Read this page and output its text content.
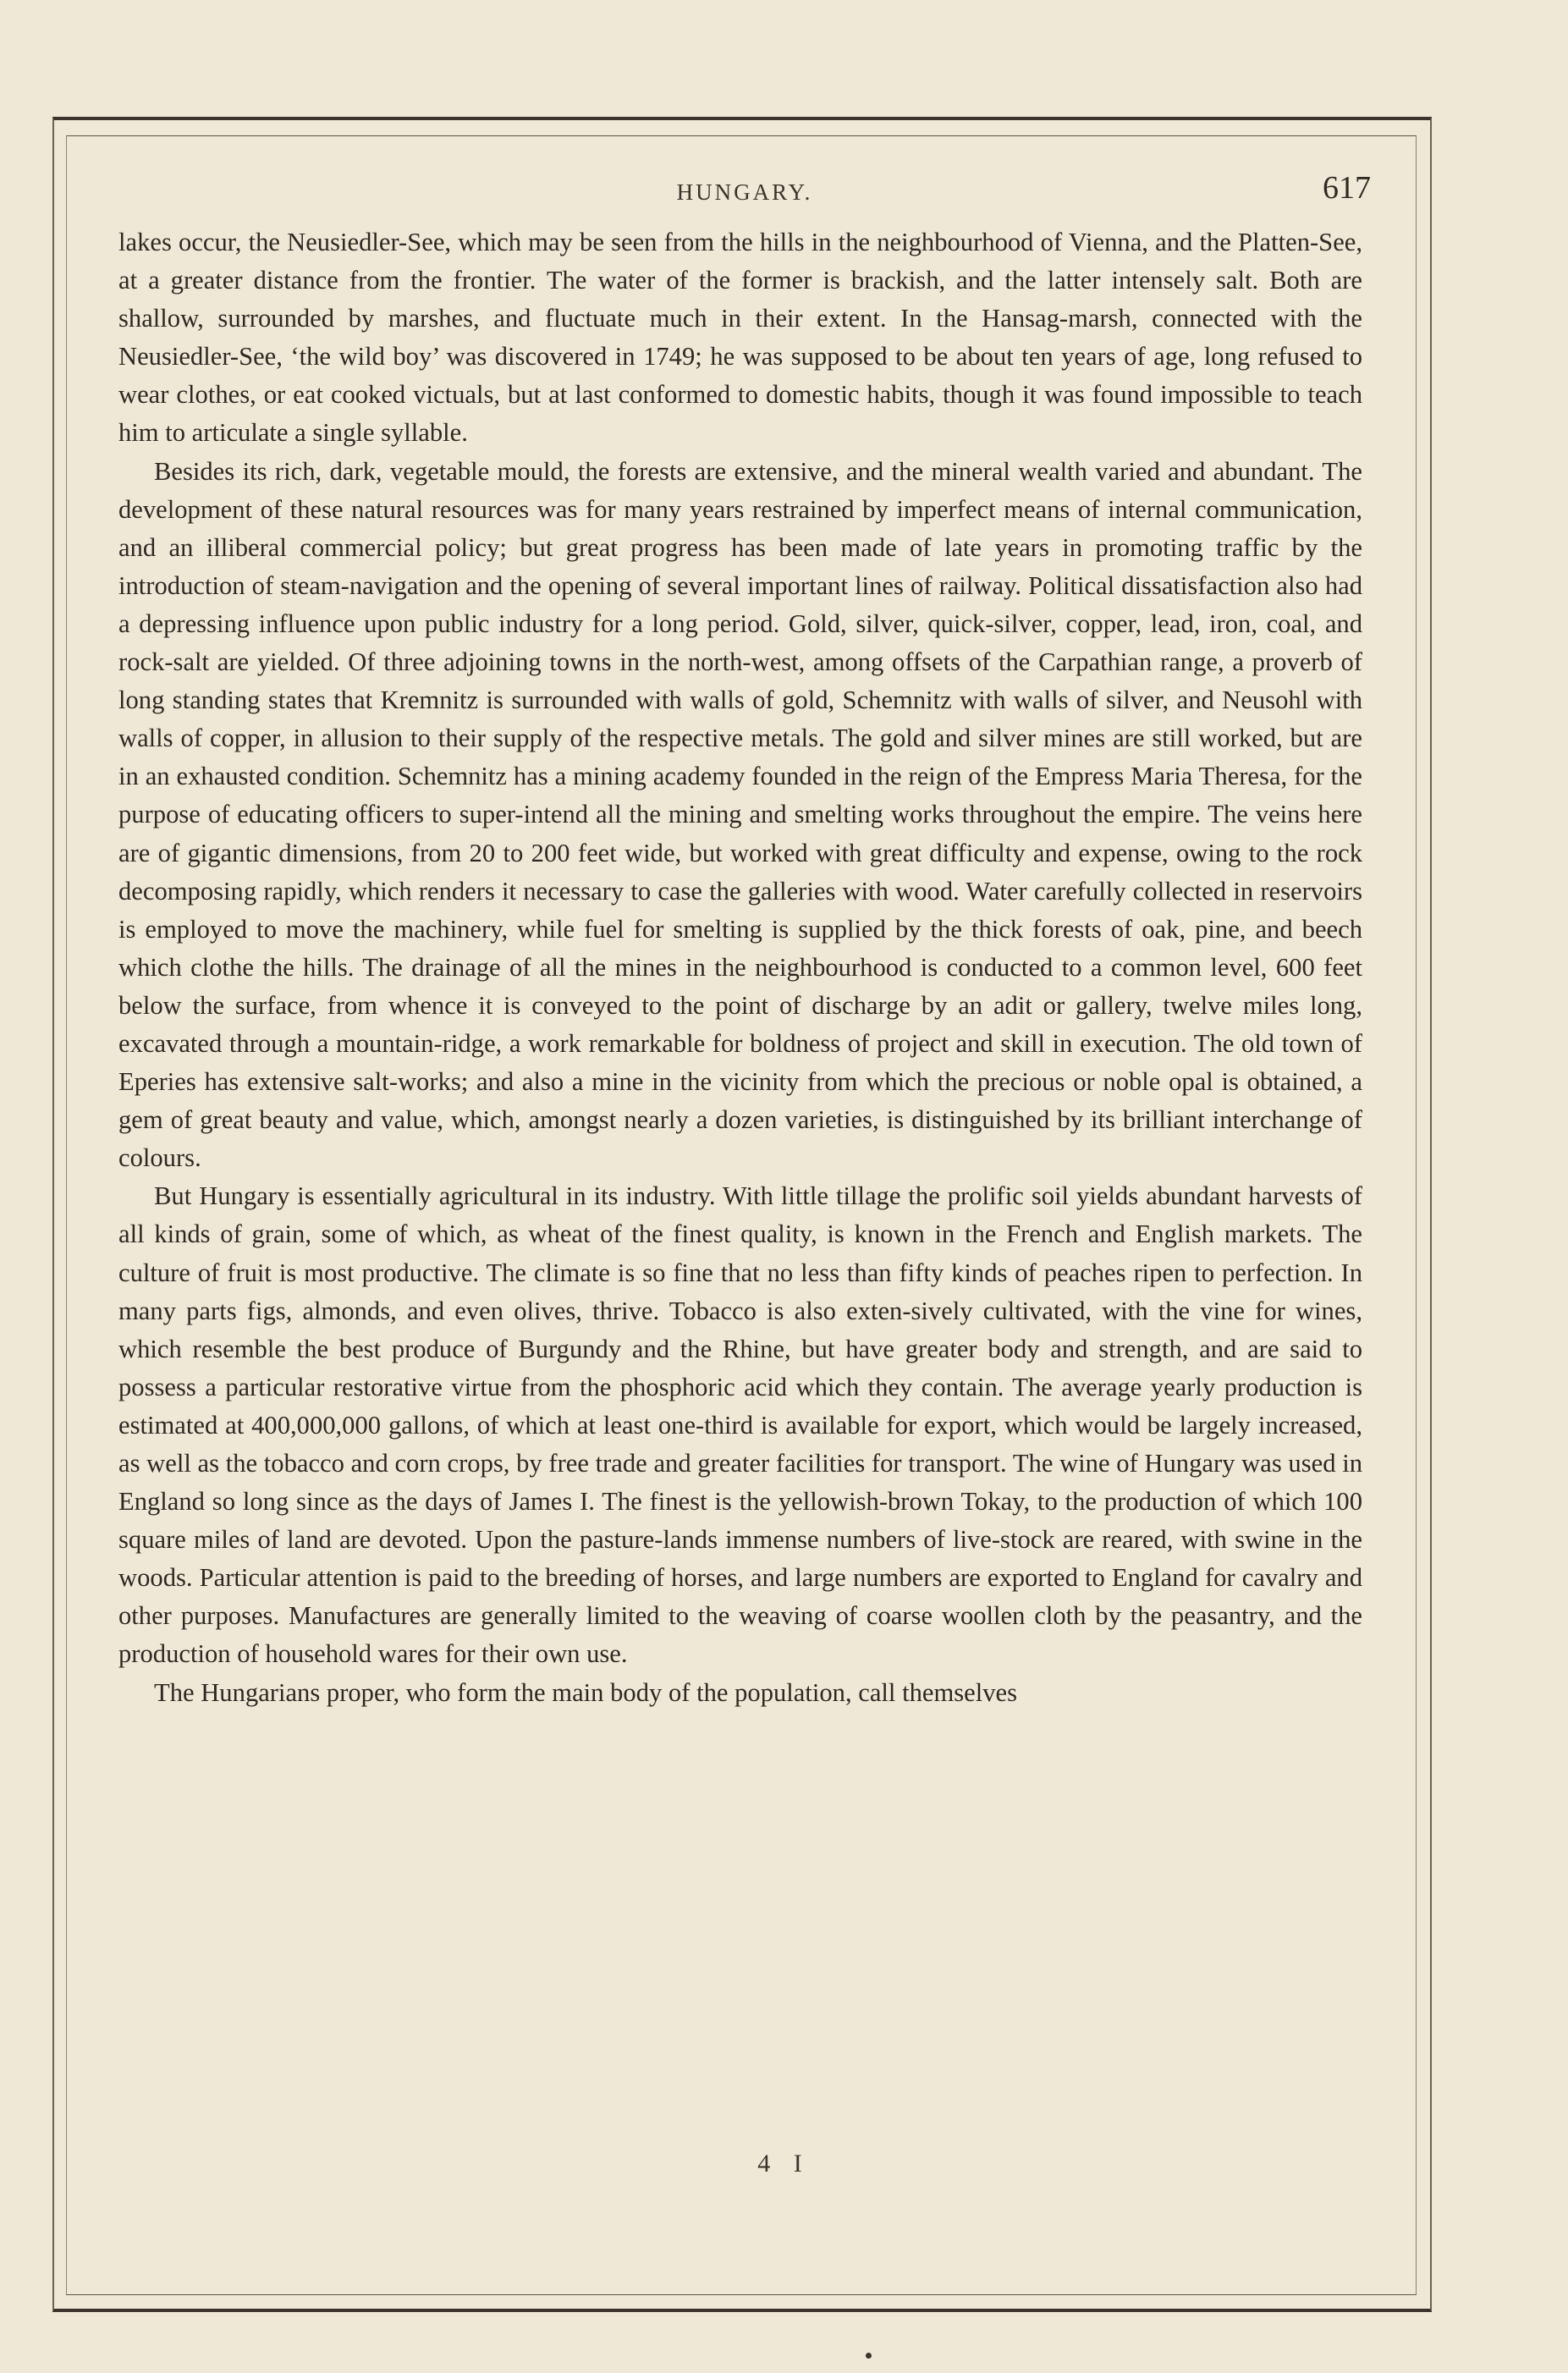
HUNGARY.	617

lakes occur, the Neusiedler-See, which may be seen from the hills in the neighbourhood of Vienna, and the Platten-See, at a greater distance from the frontier. The water of the former is brackish, and the latter intensely salt. Both are shallow, surrounded by marshes, and fluctuate much in their extent. In the Hansag-marsh, connected with the Neusiedler-See, ‘the wild boy’ was discovered in 1749; he was supposed to be about ten years of age, long refused to wear clothes, or eat cooked victuals, but at last conformed to domestic habits, though it was found impossible to teach him to articulate a single syllable.

Besides its rich, dark, vegetable mould, the forests are extensive, and the mineral wealth varied and abundant. The development of these natural resources was for many years restrained by imperfect means of internal communication, and an illiberal commercial policy; but great progress has been made of late years in promoting traffic by the introduction of steam-navigation and the opening of several important lines of railway. Political dissatisfaction also had a depressing influence upon public industry for a long period. Gold, silver, quick-silver, copper, lead, iron, coal, and rock-salt are yielded. Of three adjoining towns in the north-west, among offsets of the Carpathian range, a proverb of long standing states that Kremnitz is surrounded with walls of gold, Schemnitz with walls of silver, and Neusohl with walls of copper, in allusion to their supply of the respective metals. The gold and silver mines are still worked, but are in an exhausted condition. Schemnitz has a mining academy founded in the reign of the Empress Maria Theresa, for the purpose of educating officers to super-intend all the mining and smelting works throughout the empire. The veins here are of gigantic dimensions, from 20 to 200 feet wide, but worked with great difficulty and expense, owing to the rock decomposing rapidly, which renders it necessary to case the galleries with wood. Water carefully collected in reservoirs is employed to move the machinery, while fuel for smelting is supplied by the thick forests of oak, pine, and beech which clothe the hills. The drainage of all the mines in the neighbourhood is conducted to a common level, 600 feet below the surface, from whence it is conveyed to the point of discharge by an adit or gallery, twelve miles long, excavated through a mountain-ridge, a work remarkable for boldness of project and skill in execution. The old town of Eperies has extensive salt-works; and also a mine in the vicinity from which the precious or noble opal is obtained, a gem of great beauty and value, which, amongst nearly a dozen varieties, is distinguished by its brilliant interchange of colours.

But Hungary is essentially agricultural in its industry. With little tillage the prolific soil yields abundant harvests of all kinds of grain, some of which, as wheat of the finest quality, is known in the French and English markets. The culture of fruit is most productive. The climate is so fine that no less than fifty kinds of peaches ripen to perfection. In many parts figs, almonds, and even olives, thrive. Tobacco is also exten-sively cultivated, with the vine for wines, which resemble the best produce of Burgundy and the Rhine, but have greater body and strength, and are said to possess a particular restorative virtue from the phosphoric acid which they contain. The average yearly production is estimated at 400,000,000 gallons, of which at least one-third is available for export, which would be largely increased, as well as the tobacco and corn crops, by free trade and greater facilities for transport. The wine of Hungary was used in England so long since as the days of James I. The finest is the yellowish-brown Tokay, to the production of which 100 square miles of land are devoted. Upon the pasture-lands immense numbers of live-stock are reared, with swine in the woods. Particular attention is paid to the breeding of horses, and large numbers are exported to England for cavalry and other purposes. Manufactures are generally limited to the weaving of coarse woollen cloth by the peasantry, and the production of household wares for their own use.

The Hungarians proper, who form the main body of the population, call themselves

4 I
